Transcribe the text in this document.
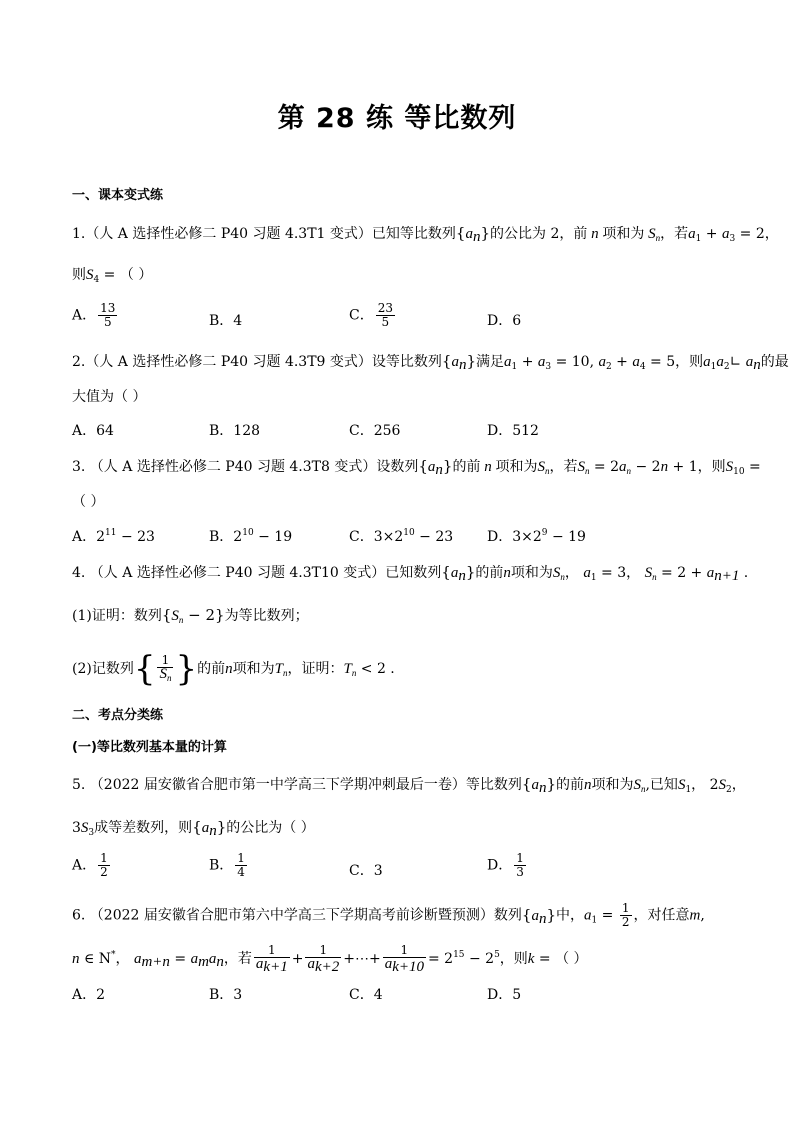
第 28 练 等比数列
一、课本变式练
1.（人 A 选择性必修二 P40 习题 4.3T1 变式）已知等比数列$\{a_n\}$的公比为 2，前 n 项和为 $S_n$，若$a_1 + a_3 = 2$，
则$S_4$ = （ ）
A． $\frac{13}{5}$	B．4	C． $\frac{23}{5}$	D．6
2.（人 A 选择性必修二 P40 习题 4.3T9 变式）设等比数列$\{a_n\}$满足$a_1 + a_3 = 10$, $a_2 + a_4 = 5$，则$a_1a_2∟$ $a_n$的最
大值为（ ）
A．64	B．128	C．256	D．512
3. （人 A 选择性必修二 P40 习题 4.3T8 变式）设数列$\{a_n\}$的前 n 项和为$S_n$，若$S_n = 2a_n - 2n + 1$，则$S_{10}$ =
（ ）
A．$2^{11} - 23$	B．$2^{10} - 19$	C．$3\times 2^{10} - 23$ D．$3\times 2^9 - 19$
4. （人 A 选择性必修二 P40 习题 4.3T10 变式）已知数列$\{a_n\}$的前n项和为$S_n$， $a_1 = 3$， $S_n = 2 + a_{n+1}$ .
(1)证明：数列$\{S_n - 2\}$为等比数列；
(2)记数列{ $\frac{1}{S_n}$ }的前n项和为$T_n$，证明：$T_n < 2$ .
二、考点分类练
(一)等比数列基本量的计算
5. （2022 届安徽省合肥市第一中学高三下学期冲刺最后一卷）等比数列$\{a_n\}$的前n项和为$S_n$,已知$S_1$， $2S_2$，
$3S_3$成等差数列，则$\{a_n\}$的公比为（ ）
A． $\frac{1}{2}$	B． $\frac{1}{4}$	C．3	D． $\frac{1}{3}$
6. （2022 届安徽省合肥市第六中学高三下学期高考前诊断暨预测）数列$\{a_n\}$中，$a_1 = \frac{1}{2}$ ，对任意m,
n ∈ N*， $a_{m+n} = a_ma_n$，若 $\frac{1}{a_{k+1}} + \frac{1}{a_{k+2}}$ +⋯+ $\frac{1}{a_{k+10}} = 2^{15} - 2^5$，则k = （ ）
A．2	B．3	C．4	D．5
